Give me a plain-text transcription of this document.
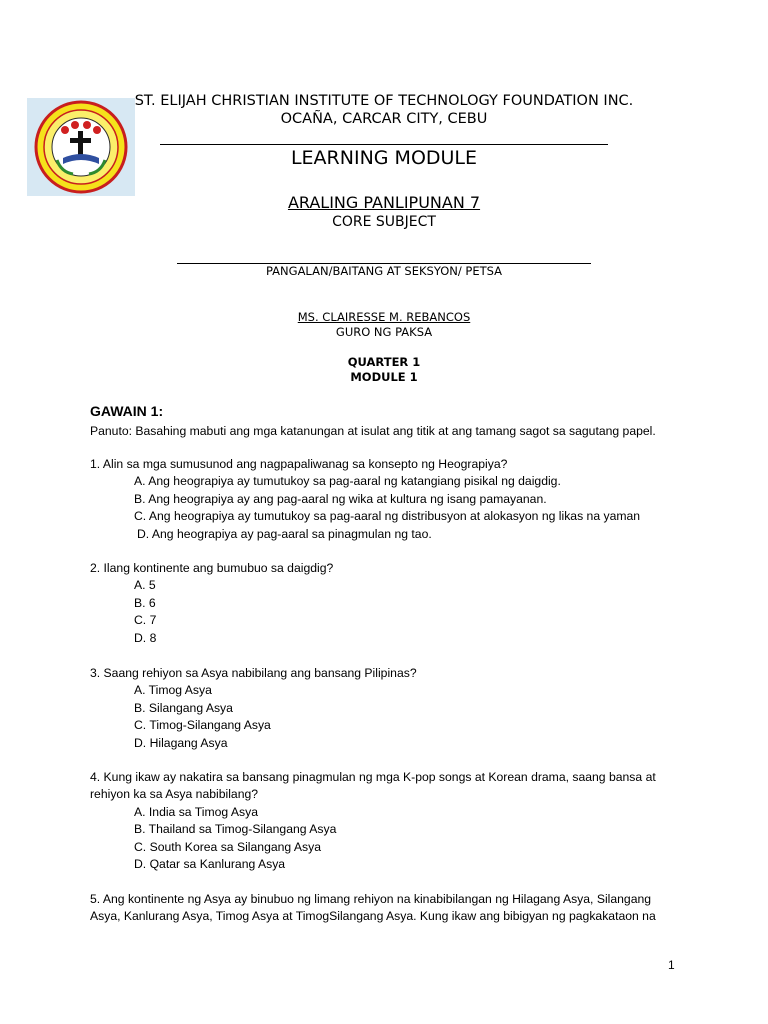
ST. ELIJAH CHRISTIAN INSTITUTE OF TECHNOLOGY FOUNDATION INC.
OCAÑA, CARCAR CITY, CEBU
LEARNING MODULE
ARALING PANLIPUNAN 7
CORE SUBJECT
PANGALAN/BAITANG AT SEKSYON/ PETSA
MS. CLAIRESSE M. REBANCOS
GURO NG PAKSA
QUARTER 1
MODULE 1
GAWAIN 1:
Panuto: Basahing mabuti ang mga katanungan at isulat ang titik at ang tamang sagot sa sagutang papel.
1. Alin sa mga sumusunod ang nagpapaliwanag sa konsepto ng Heograpiya?
A. Ang heograpiya ay tumutukoy sa pag-aaral ng katangiang pisikal ng daigdig.
B. Ang heograpiya ay ang pag-aaral ng wika at kultura ng isang pamayanan.
C. Ang heograpiya ay tumutukoy sa pag-aaral ng distribusyon at alokasyon ng likas na yaman
D. Ang heograpiya ay pag-aaral sa pinagmulan ng tao.
2. Ilang kontinente ang bumubuo sa daigdig?
A. 5
B. 6
C. 7
D. 8
3. Saang rehiyon sa Asya nabibilang ang bansang Pilipinas?
A. Timog Asya
B. Silangang Asya
C. Timog-Silangang Asya
D. Hilagang Asya
4. Kung ikaw ay nakatira sa bansang pinagmulan ng mga K-pop songs at Korean drama, saang bansa at rehiyon ka sa Asya nabibilang?
A. India sa Timog Asya
B. Thailand sa Timog-Silangang Asya
C. South Korea sa Silangang Asya
D. Qatar sa Kanlurang Asya
5. Ang kontinente ng Asya ay binubuo ng limang rehiyon na kinabibilangan ng Hilagang Asya, Silangang Asya, Kanlurang Asya, Timog Asya at TimogSilangang Asya. Kung ikaw ang bibigyan ng pagkakataon na
1
